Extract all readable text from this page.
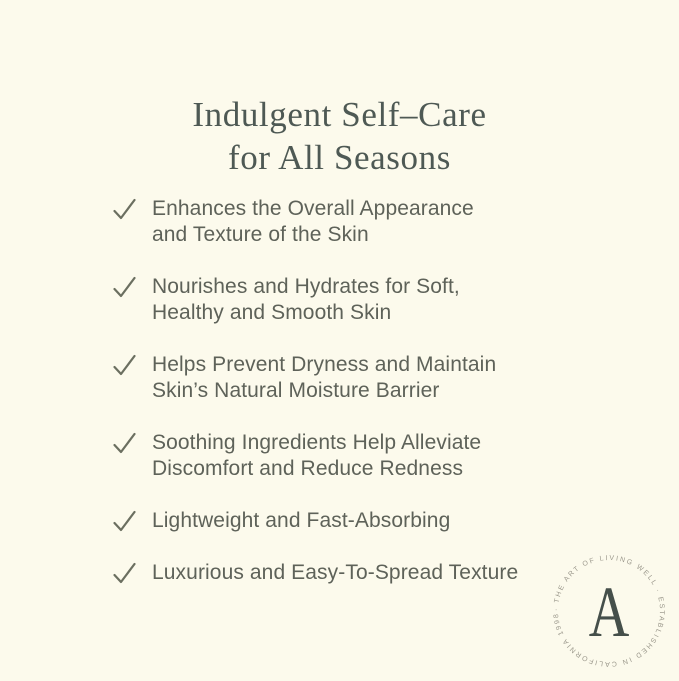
Indulgent Self–Care
for All Seasons
Enhances the Overall Appearance
and Texture of the Skin
Nourishes and Hydrates for Soft,
Healthy and Smooth Skin
Helps Prevent Dryness and Maintain
Skin’s Natural Moisture Barrier
Soothing Ingredients Help Alleviate
Discomfort and Reduce Redness
Lightweight and Fast-Absorbing
Luxurious and Easy-To-Spread Texture
· THE ART OF LIVING WELL · ESTABLISHED IN CALIFORNIA 1998 A
